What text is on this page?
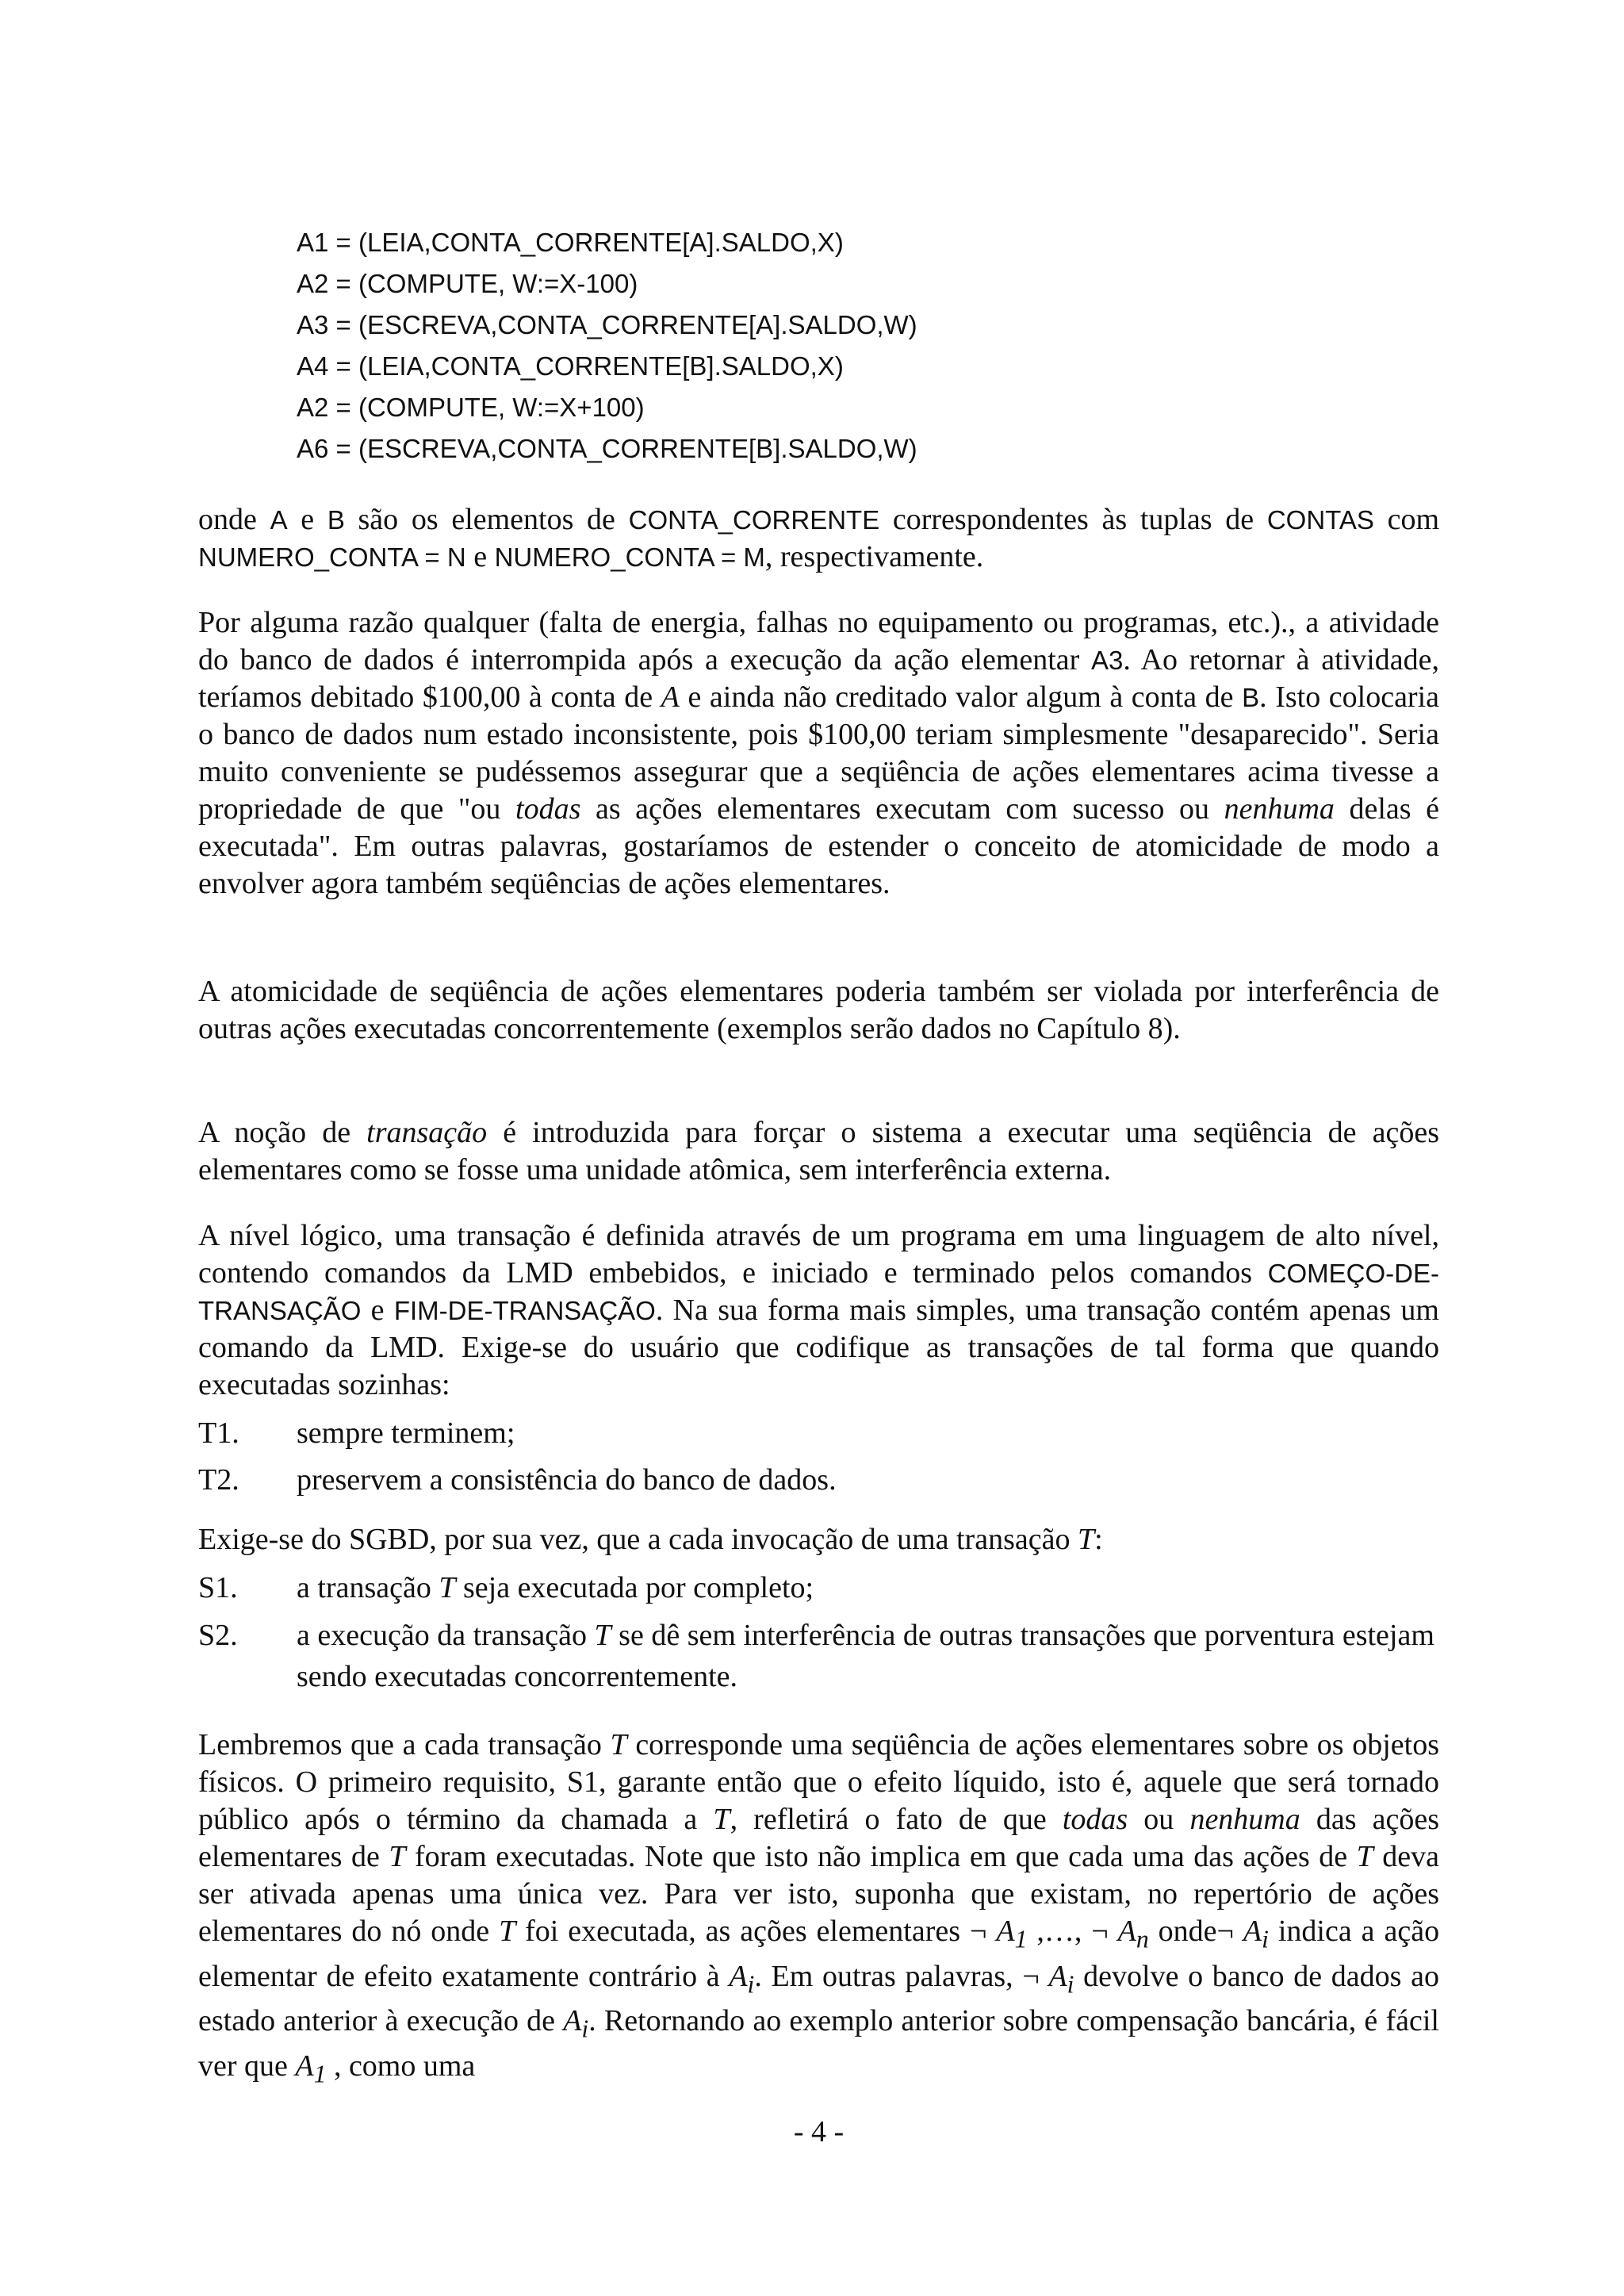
A1 = (LEIA,CONTA_CORRENTE[A].SALDO,X)
A2 = (COMPUTE, W:=X-100)
A3 = (ESCREVA,CONTA_CORRENTE[A].SALDO,W)
A4 = (LEIA,CONTA_CORRENTE[B].SALDO,X)
A2 = (COMPUTE, W:=X+100)
A6 = (ESCREVA,CONTA_CORRENTE[B].SALDO,W)

onde A e B são os elementos de CONTA_CORRENTE correspondentes às tuplas de CONTAS com NUMERO_CONTA = N e NUMERO_CONTA = M, respectivamente.

Por alguma razão qualquer (falta de energia, falhas no equipamento ou programas, etc.)., a atividade do banco de dados é interrompida após a execução da ação elementar A3. Ao retornar à atividade, teríamos debitado $100,00 à conta de A e ainda não creditado valor algum à conta de B. Isto colocaria o banco de dados num estado inconsistente, pois $100,00 teriam simplesmente "desaparecido". Seria muito conveniente se pudéssemos assegurar que a seqüência de ações elementares acima tivesse a propriedade de que "ou todas as ações elementares executam com sucesso ou nenhuma delas é executada". Em outras palavras, gostaríamos de estender o conceito de atomicidade de modo a envolver agora também seqüências de ações elementares.

A atomicidade de seqüência de ações elementares poderia também ser violada por interferência de outras ações executadas concorrentemente (exemplos serão dados no Capítulo 8).

A noção de transação é introduzida para forçar o sistema a executar uma seqüência de ações elementares como se fosse uma unidade atômica, sem interferência externa.

A nível lógico, uma transação é definida através de um programa em uma linguagem de alto nível, contendo comandos da LMD embebidos, e iniciado e terminado pelos comandos COMEÇO-DE-TRANSAÇÃO e FIM-DE-TRANSAÇÃO. Na sua forma mais simples, uma transação contém apenas um comando da LMD. Exige-se do usuário que codifique as transações de tal forma que quando executadas sozinhas:

T1.	sempre terminem;
T2.	preservem a consistência do banco de dados.

Exige-se do SGBD, por sua vez, que a cada invocação de uma transação T:

S1.	a transação T seja executada por completo;
S2.	a execução da transação T se dê sem interferência de outras transações que porventura estejam sendo executadas concorrentemente.

Lembremos que a cada transação T corresponde uma seqüência de ações elementares sobre os objetos físicos. O primeiro requisito, S1, garante então que o efeito líquido, isto é, aquele que será tornado público após o término da chamada a T, refletirá o fato de que todas ou nenhuma das ações elementares de T foram executadas. Note que isto não implica em que cada uma das ações de T deva ser ativada apenas uma única vez. Para ver isto, suponha que existam, no repertório de ações elementares do nó onde T foi executada, as ações elementares ¬ $A_1$ ,…, ¬ $A_n$ onde¬ $A_i$ indica a ação elementar de efeito exatamente contrário à $A_i$. Em outras palavras, ¬ $A_i$ devolve o banco de dados ao estado anterior à execução de $A_i$. Retornando ao exemplo anterior sobre compensação bancária, é fácil ver que $A_1$ , como uma

- 4 -
